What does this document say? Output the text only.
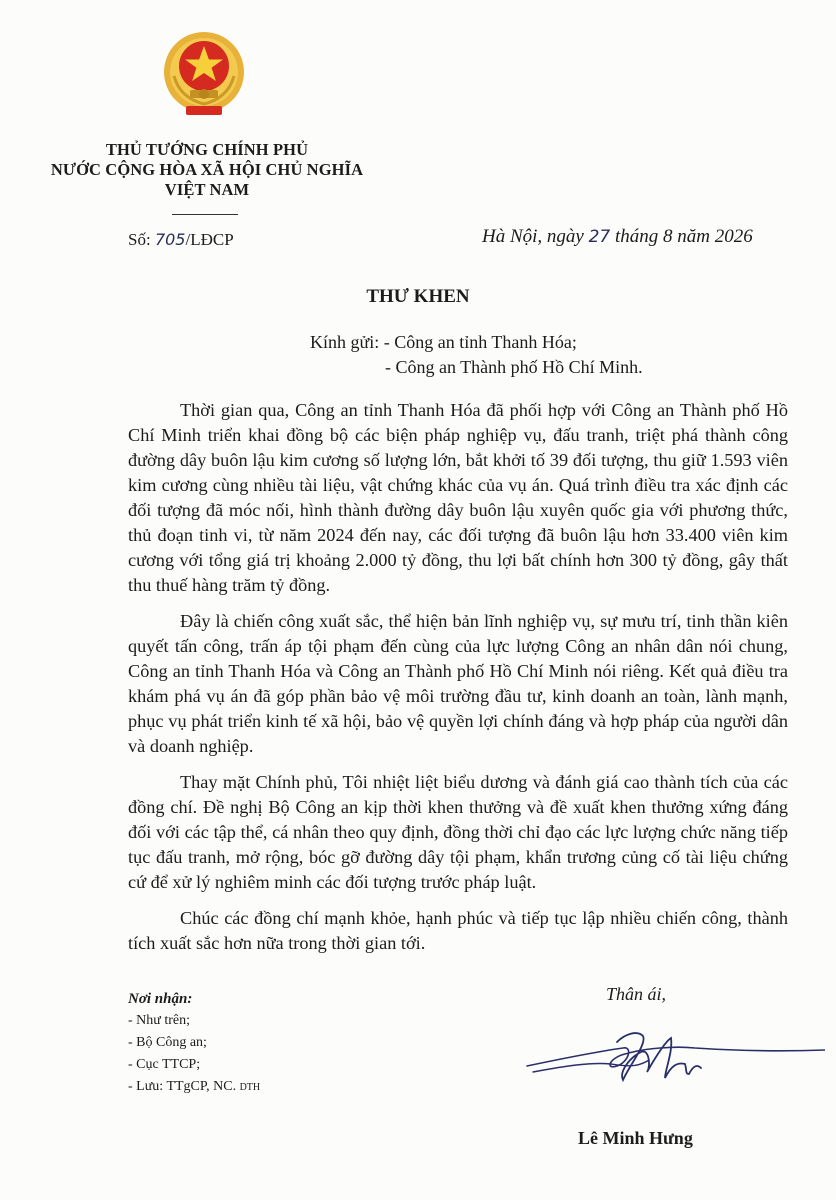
THỦ TƯỚNG CHÍNH PHỦ
NƯỚC CỘNG HÒA XÃ HỘI CHỦ NGHĨA
VIỆT NAM
Số: 705/LĐCP	Hà Nội, ngày 27 tháng 8 năm 2026
THƯ KHEN
Kính gửi: - Công an tỉnh Thanh Hóa;
- Công an Thành phố Hồ Chí Minh.

Thời gian qua, Công an tỉnh Thanh Hóa đã phối hợp với Công an Thành phố Hồ Chí Minh triển khai đồng bộ các biện pháp nghiệp vụ, đấu tranh, triệt phá thành công đường dây buôn lậu kim cương số lượng lớn, bắt khởi tố 39 đối tượng, thu giữ 1.593 viên kim cương cùng nhiều tài liệu, vật chứng khác của vụ án. Quá trình điều tra xác định các đối tượng đã móc nối, hình thành đường dây buôn lậu xuyên quốc gia với phương thức, thủ đoạn tinh vi, từ năm 2024 đến nay, các đối tượng đã buôn lậu hơn 33.400 viên kim cương với tổng giá trị khoảng 2.000 tỷ đồng, thu lợi bất chính hơn 300 tỷ đồng, gây thất thu thuế hàng trăm tỷ đồng.

Đây là chiến công xuất sắc, thể hiện bản lĩnh nghiệp vụ, sự mưu trí, tinh thần kiên quyết tấn công, trấn áp tội phạm đến cùng của lực lượng Công an nhân dân nói chung, Công an tỉnh Thanh Hóa và Công an Thành phố Hồ Chí Minh nói riêng. Kết quả điều tra khám phá vụ án đã góp phần bảo vệ môi trường đầu tư, kinh doanh an toàn, lành mạnh, phục vụ phát triển kinh tế xã hội, bảo vệ quyền lợi chính đáng và hợp pháp của người dân và doanh nghiệp.

Thay mặt Chính phủ, Tôi nhiệt liệt biểu dương và đánh giá cao thành tích của các đồng chí. Đề nghị Bộ Công an kịp thời khen thưởng và đề xuất khen thưởng xứng đáng đối với các tập thể, cá nhân theo quy định, đồng thời chỉ đạo các lực lượng chức năng tiếp tục đấu tranh, mở rộng, bóc gỡ đường dây tội phạm, khẩn trương củng cố tài liệu chứng cứ để xử lý nghiêm minh các đối tượng trước pháp luật.

Chúc các đồng chí mạnh khỏe, hạnh phúc và tiếp tục lập nhiều chiến công, thành tích xuất sắc hơn nữa trong thời gian tới.

Nơi nhận:
- Như trên;
- Bộ Công an;
- Cục TTCP;
- Lưu: TTgCP, NC. DTH
Thân ái,
Lê Minh Hưng
